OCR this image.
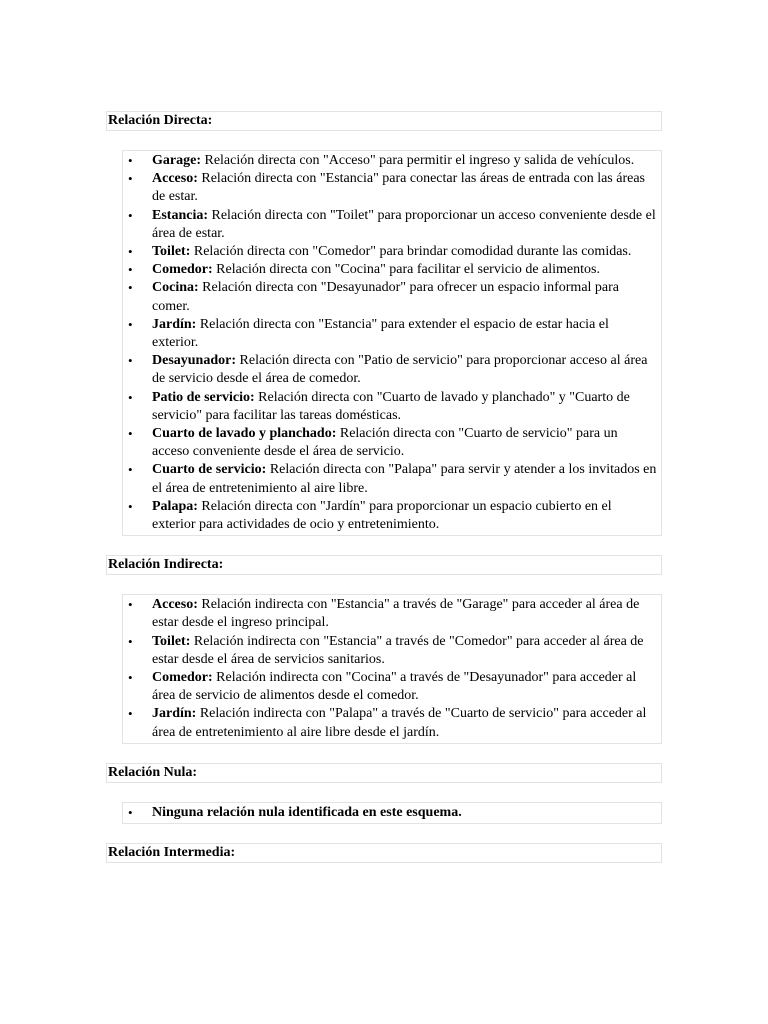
Relación Directa:
• Garage: Relación directa con "Acceso" para permitir el ingreso y salida de vehículos.
• Acceso: Relación directa con "Estancia" para conectar las áreas de entrada con las áreas de estar.
• Estancia: Relación directa con "Toilet" para proporcionar un acceso conveniente desde el área de estar.
• Toilet: Relación directa con "Comedor" para brindar comodidad durante las comidas.
• Comedor: Relación directa con "Cocina" para facilitar el servicio de alimentos.
• Cocina: Relación directa con "Desayunador" para ofrecer un espacio informal para comer.
• Jardín: Relación directa con "Estancia" para extender el espacio de estar hacia el exterior.
• Desayunador: Relación directa con "Patio de servicio" para proporcionar acceso al área de servicio desde el área de comedor.
• Patio de servicio: Relación directa con "Cuarto de lavado y planchado" y "Cuarto de servicio" para facilitar las tareas domésticas.
• Cuarto de lavado y planchado: Relación directa con "Cuarto de servicio" para un acceso conveniente desde el área de servicio.
• Cuarto de servicio: Relación directa con "Palapa" para servir y atender a los invitados en el área de entretenimiento al aire libre.
• Palapa: Relación directa con "Jardín" para proporcionar un espacio cubierto en el exterior para actividades de ocio y entretenimiento.
Relación Indirecta:
• Acceso: Relación indirecta con "Estancia" a través de "Garage" para acceder al área de estar desde el ingreso principal.
• Toilet: Relación indirecta con "Estancia" a través de "Comedor" para acceder al área de estar desde el área de servicios sanitarios.
• Comedor: Relación indirecta con "Cocina" a través de "Desayunador" para acceder al área de servicio de alimentos desde el comedor.
• Jardín: Relación indirecta con "Palapa" a través de "Cuarto de servicio" para acceder al área de entretenimiento al aire libre desde el jardín.
Relación Nula:
• Ninguna relación nula identificada en este esquema.
Relación Intermedia:
